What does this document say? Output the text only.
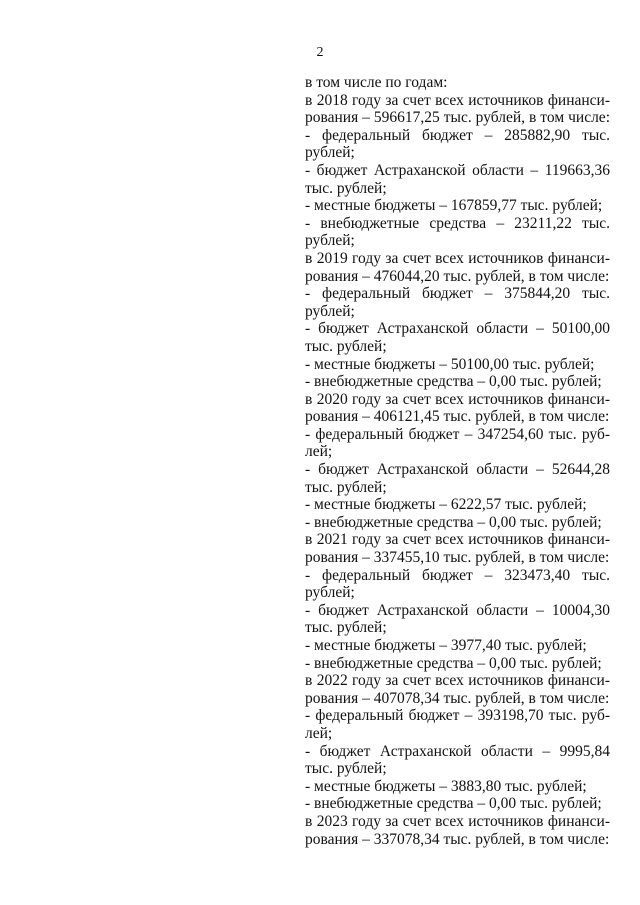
2
в том числе по годам:
в 2018 году за счет всех источников финанси-
рования – 596617,25 тыс. рублей, в том числе:
- федеральный бюджет – 285882,90 тыс.
рублей;
- бюджет Астраханской области – 119663,36
тыс. рублей;
- местные бюджеты – 167859,77 тыс. рублей;
- внебюджетные средства – 23211,22 тыс.
рублей;
в 2019 году за счет всех источников финанси-
рования – 476044,20 тыс. рублей, в том числе:
- федеральный бюджет – 375844,20 тыс.
рублей;
- бюджет Астраханской области – 50100,00
тыс. рублей;
- местные бюджеты – 50100,00 тыс. рублей;
- внебюджетные средства – 0,00 тыс. рублей;
в 2020 году за счет всех источников финанси-
рования – 406121,45 тыс. рублей, в том числе:
- федеральный бюджет – 347254,60 тыс. руб-
лей;
- бюджет Астраханской области – 52644,28
тыс. рублей;
- местные бюджеты – 6222,57 тыс. рублей;
- внебюджетные средства – 0,00 тыс. рублей;
в 2021 году за счет всех источников финанси-
рования – 337455,10 тыс. рублей, в том числе:
- федеральный бюджет – 323473,40 тыс.
рублей;
- бюджет Астраханской области – 10004,30
тыс. рублей;
- местные бюджеты – 3977,40 тыс. рублей;
- внебюджетные средства – 0,00 тыс. рублей;
в 2022 году за счет всех источников финанси-
рования – 407078,34 тыс. рублей, в том числе:
- федеральный бюджет – 393198,70 тыс. руб-
лей;
- бюджет Астраханской области – 9995,84
тыс. рублей;
- местные бюджеты – 3883,80 тыс. рублей;
- внебюджетные средства – 0,00 тыс. рублей;
в 2023 году за счет всех источников финанси-
рования – 337078,34 тыс. рублей, в том числе:
